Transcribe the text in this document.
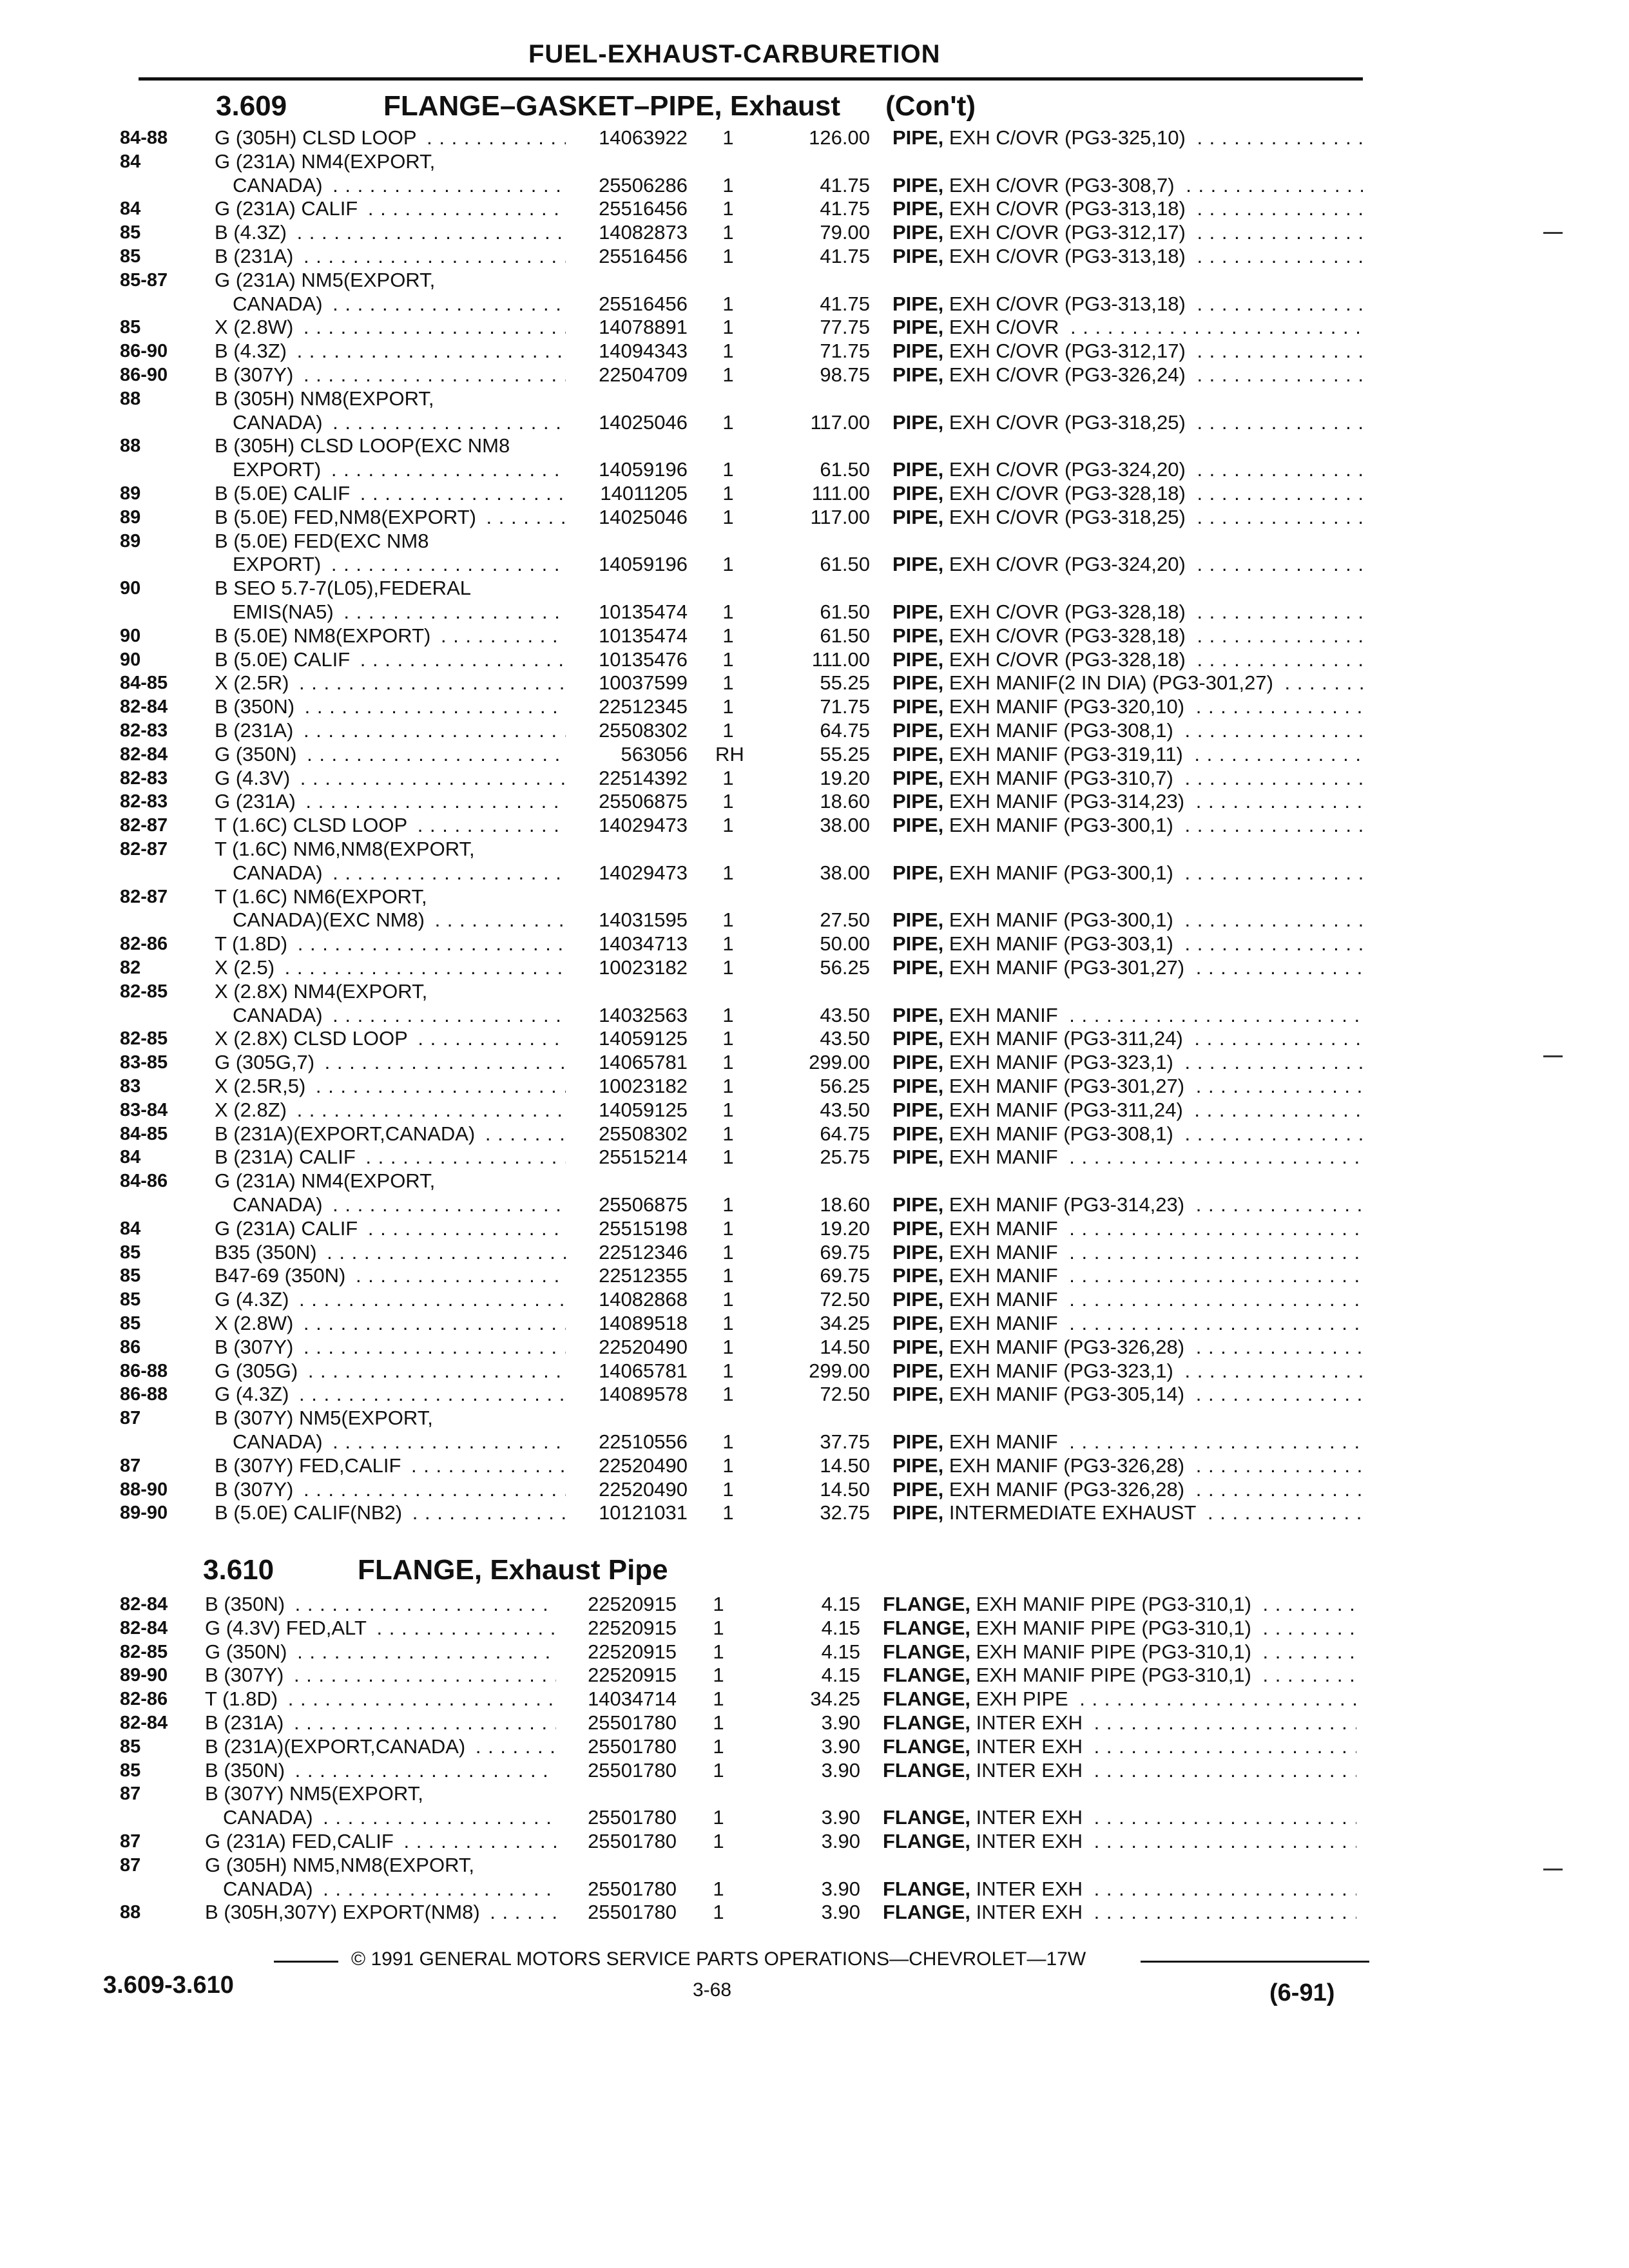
FUEL-EXHAUST-CARBURETION
3.609	FLANGE–GASKET–PIPE, Exhaust (Con't)
84-88 G (305H) CLSD LOOP . . .	14063922	1	126.00 PIPE, EXH C/OVR (PG3-325,10) . . .
84	G (231A) NM4(EXPORT,
CANADA) . . .	25506286	1	41.75 PIPE, EXH C/OVR (PG3-308,7) . . .
84	G (231A) CALIF . . .	25516456	1	41.75 PIPE, EXH C/OVR (PG3-313,18) . . .
85	B (4.3Z) . . .	14082873	1	79.00 PIPE, EXH C/OVR (PG3-312,17) . . .
85	B (231A) . . .	25516456	1	41.75 PIPE, EXH C/OVR (PG3-313,18) . . .
85-87 G (231A) NM5(EXPORT,
CANADA) . . .	25516456	1	41.75 PIPE, EXH C/OVR (PG3-313,18) . . .
85	X (2.8W) . . .	14078891	1	77.75 PIPE, EXH C/OVR . . .
86-90 B (4.3Z) . . .	14094343	1	71.75 PIPE, EXH C/OVR (PG3-312,17) . . .
86-90 B (307Y) . . .	22504709	1	98.75 PIPE, EXH C/OVR (PG3-326,24) . . .
88	B (305H) NM8(EXPORT,
CANADA) . . .	14025046	1	117.00 PIPE, EXH C/OVR (PG3-318,25) . . .
88	B (305H) CLSD LOOP(EXC NM8
EXPORT) . . .	14059196	1	61.50 PIPE, EXH C/OVR (PG3-324,20) . . .
89	B (5.0E) CALIF . . .	14011205	1	111.00 PIPE, EXH C/OVR (PG3-328,18) . . .
89	B (5.0E) FED,NM8(EXPORT) . . .	14025046	1	117.00 PIPE, EXH C/OVR (PG3-318,25) . . .
89	B (5.0E) FED(EXC NM8
EXPORT) . . .	14059196	1	61.50 PIPE, EXH C/OVR (PG3-324,20) . . .
90	B SEO 5.7-7(L05),FEDERAL
EMIS(NA5) . . .	10135474	1	61.50 PIPE, EXH C/OVR (PG3-328,18) . . .
90	B (5.0E) NM8(EXPORT) . . .	10135474	1	61.50 PIPE, EXH C/OVR (PG3-328,18) . . .
90	B (5.0E) CALIF . . .	10135476	1	111.00 PIPE, EXH C/OVR (PG3-328,18) . . .
84-85 X (2.5R) . . .	10037599	1	55.25 PIPE, EXH MANIF(2 IN DIA) (PG3-301,27) . . .
82-84 B (350N) . . .	22512345	1	71.75 PIPE, EXH MANIF (PG3-320,10) . . .
82-83 B (231A) . . .	25508302	1	64.75 PIPE, EXH MANIF (PG3-308,1) . . .
82-84 G (350N) . . .	563056 RH	55.25 PIPE, EXH MANIF (PG3-319,11) . . .
82-83 G (4.3V) . . .	22514392	1	19.20 PIPE, EXH MANIF (PG3-310,7) . . .
82-83 G (231A) . . .	25506875	1	18.60 PIPE, EXH MANIF (PG3-314,23) . . .
82-87 T (1.6C) CLSD LOOP . . .	14029473	1	38.00 PIPE, EXH MANIF (PG3-300,1) . . .
82-87 T (1.6C) NM6,NM8(EXPORT,
CANADA) . . .	14029473	1	38.00 PIPE, EXH MANIF (PG3-300,1) . . .
82-87 T (1.6C) NM6(EXPORT,
CANADA)(EXC NM8) . . .	14031595	1	27.50 PIPE, EXH MANIF (PG3-300,1) . . .
82-86 T (1.8D) . . .	14034713	1	50.00 PIPE, EXH MANIF (PG3-303,1) . . .
82	X (2.5) . . .	10023182	1	56.25 PIPE, EXH MANIF (PG3-301,27) . . .
82-85 X (2.8X) NM4(EXPORT,
CANADA) . . .	14032563	1	43.50 PIPE, EXH MANIF . . .
82-85 X (2.8X) CLSD LOOP . . .	14059125	1	43.50 PIPE, EXH MANIF (PG3-311,24) . . .
83-85 G (305G,7) . . .	14065781	1	299.00 PIPE, EXH MANIF (PG3-323,1) . . .
83	X (2.5R,5) . . .	10023182	1	56.25 PIPE, EXH MANIF (PG3-301,27) . . .
83-84 X (2.8Z) . . .	14059125	1	43.50 PIPE, EXH MANIF (PG3-311,24) . . .
84-85 B (231A)(EXPORT,CANADA) . . .	25508302	1	64.75 PIPE, EXH MANIF (PG3-308,1) . . .
84	B (231A) CALIF . . .	25515214	1	25.75 PIPE, EXH MANIF . . .
84-86 G (231A) NM4(EXPORT,
CANADA) . . .	25506875	1	18.60 PIPE, EXH MANIF (PG3-314,23) . . .
84	G (231A) CALIF . . .	25515198	1	19.20 PIPE, EXH MANIF . . .
85	B35 (350N) . . .	22512346	1	69.75 PIPE, EXH MANIF . . .
85	B47-69 (350N) . . .	22512355	1	69.75 PIPE, EXH MANIF . . .
85	G (4.3Z) . . .	14082868	1	72.50 PIPE, EXH MANIF . . .
85	X (2.8W) . . .	14089518	1	34.25 PIPE, EXH MANIF . . .
86	B (307Y) . . .	22520490	1	14.50 PIPE, EXH MANIF (PG3-326,28) . . .
86-88 G (305G) . . .	14065781	1	299.00 PIPE, EXH MANIF (PG3-323,1) . . .
86-88 G (4.3Z) . . .	14089578	1	72.50 PIPE, EXH MANIF (PG3-305,14) . . .
87	B (307Y) NM5(EXPORT,
CANADA) . . .	22510556	1	37.75 PIPE, EXH MANIF . . .
87	B (307Y) FED,CALIF . . .	22520490	1	14.50 PIPE, EXH MANIF (PG3-326,28) . . .
88-90 B (307Y) . . .	22520490	1	14.50 PIPE, EXH MANIF (PG3-326,28) . . .
89-90 B (5.0E) CALIF(NB2) . . .	10121031	1	32.75 PIPE, INTERMEDIATE EXHAUST . . .
3.610	FLANGE, Exhaust Pipe
82-84 B (350N) . . .	22520915	1	4.15 FLANGE, EXH MANIF PIPE (PG3-310,1) . . .
82-84 G (4.3V) FED,ALT . . .	22520915	1	4.15 FLANGE, EXH MANIF PIPE (PG3-310,1) . . .
82-85 G (350N) . . .	22520915	1	4.15 FLANGE, EXH MANIF PIPE (PG3-310,1) . . .
89-90 B (307Y) . . .	22520915	1	4.15 FLANGE, EXH MANIF PIPE (PG3-310,1) . . .
82-86 T (1.8D) . . .	14034714	1	34.25 FLANGE, EXH PIPE . . .
82-84 B (231A) . . .	25501780	1	3.90 FLANGE, INTER EXH . . .
85	B (231A)(EXPORT,CANADA) . . .	25501780	1	3.90 FLANGE, INTER EXH . . .
85	B (350N) . . .	25501780	1	3.90 FLANGE, INTER EXH . . .
87	B (307Y) NM5(EXPORT,
CANADA) . . .	25501780	1	3.90 FLANGE, INTER EXH . . .
87	G (231A) FED,CALIF . . .	25501780	1	3.90 FLANGE, INTER EXH . . .
87	G (305H) NM5,NM8(EXPORT,
CANADA) . . .	25501780	1	3.90 FLANGE, INTER EXH . . .
88	B (305H,307Y) EXPORT(NM8) . . .	25501780	1	3.90 FLANGE, INTER EXH . . .
© 1991 GENERAL MOTORS SERVICE PARTS OPERATIONS—CHEVROLET—17W
3.609-3.610	3-68	(6-91)
